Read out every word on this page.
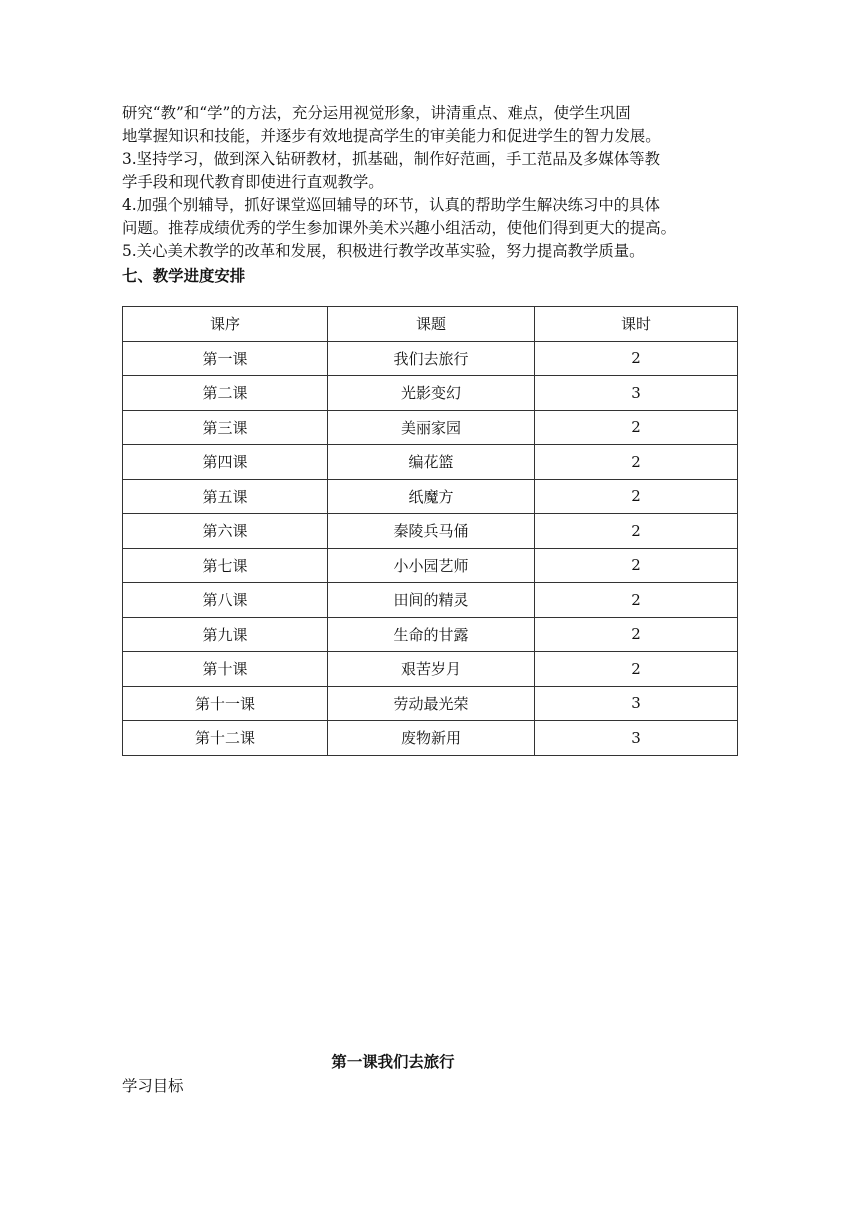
研究“教”和“学”的方法，充分运用视觉形象，讲清重点、难点，使学生巩固
地掌握知识和技能，并逐步有效地提高学生的审美能力和促进学生的智力发展。
3.坚持学习，做到深入钻研教材，抓基础，制作好范画，手工范品及多媒体等教
学手段和现代教育即使进行直观教学。
4.加强个别辅导，抓好课堂巡回辅导的环节，认真的帮助学生解决练习中的具体
问题。推荐成绩优秀的学生参加课外美术兴趣小组活动，使他们得到更大的提高。
5.关心美术教学的改革和发展，积极进行教学改革实验，努力提高教学质量。

七、教学进度安排

课序	课题	课时
第一课	我们去旅行	2
第二课	光影变幻	3
第三课	美丽家园	2
第四课	编花篮	2
第五课	纸魔方	2
第六课	秦陵兵马俑	2
第七课	小小园艺师	2
第八课	田间的精灵	2
第九课	生命的甘露	2
第十课	艰苦岁月	2
第十一课	劳动最光荣	3
第十二课	废物新用	3

第一课我们去旅行

学习目标
